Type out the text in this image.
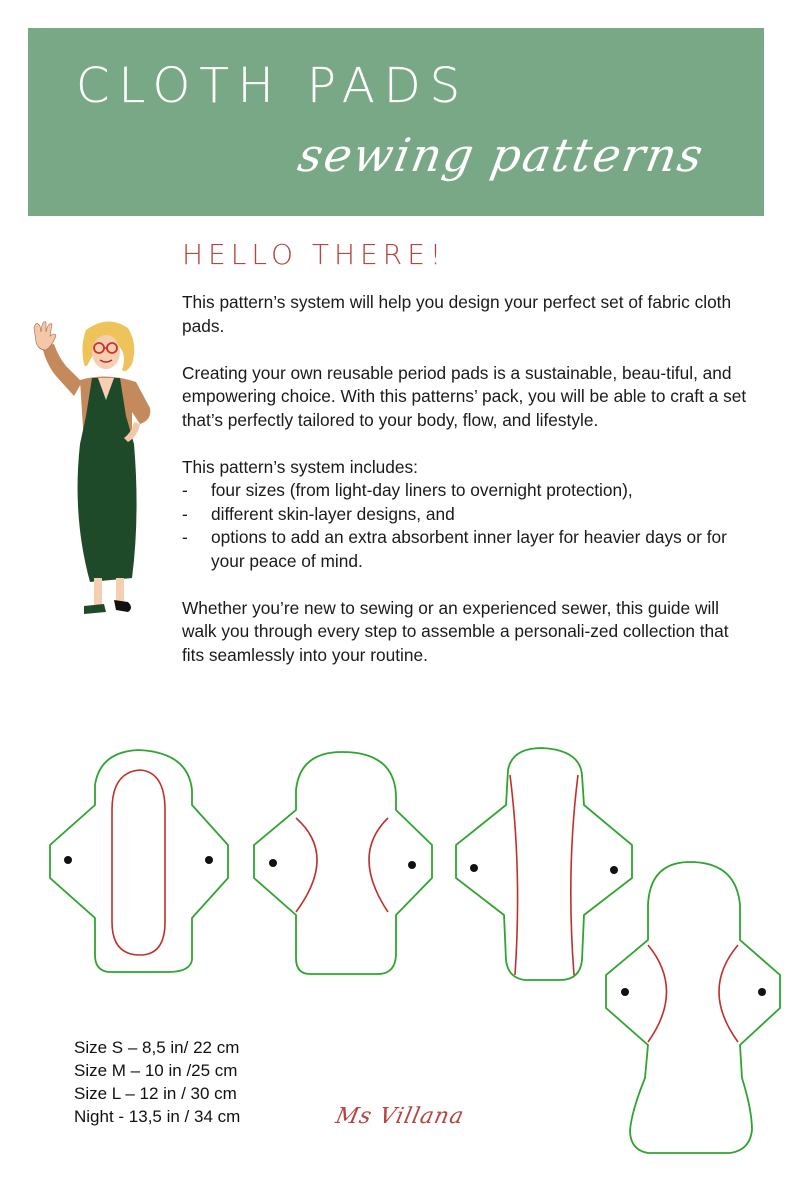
CLOTH PADS
sewing patterns
HELLO THERE!

This pattern’s system will help you design your perfect set of fabric cloth pads.

Creating your own reusable period pads is a sustainable, beau-tiful, and empowering choice. With this patterns’ pack, you will be able to craft a set that’s perfectly tailored to your body, flow, and lifestyle.

This pattern’s system includes:
- four sizes (from light-day liners to overnight protection),
- different skin-layer designs, and
- options to add an extra absorbent inner layer for heavier days or for your peace of mind.

Whether you’re new to sewing or an experienced sewer, this guide will walk you through every step to assemble a personali-zed collection that fits seamlessly into your routine.

Size S – 8,5 in/ 22 cm
Size M – 10 in /25 cm
Size L – 12 in / 30 cm
Night - 13,5 in / 34 cm	Ms Villana
